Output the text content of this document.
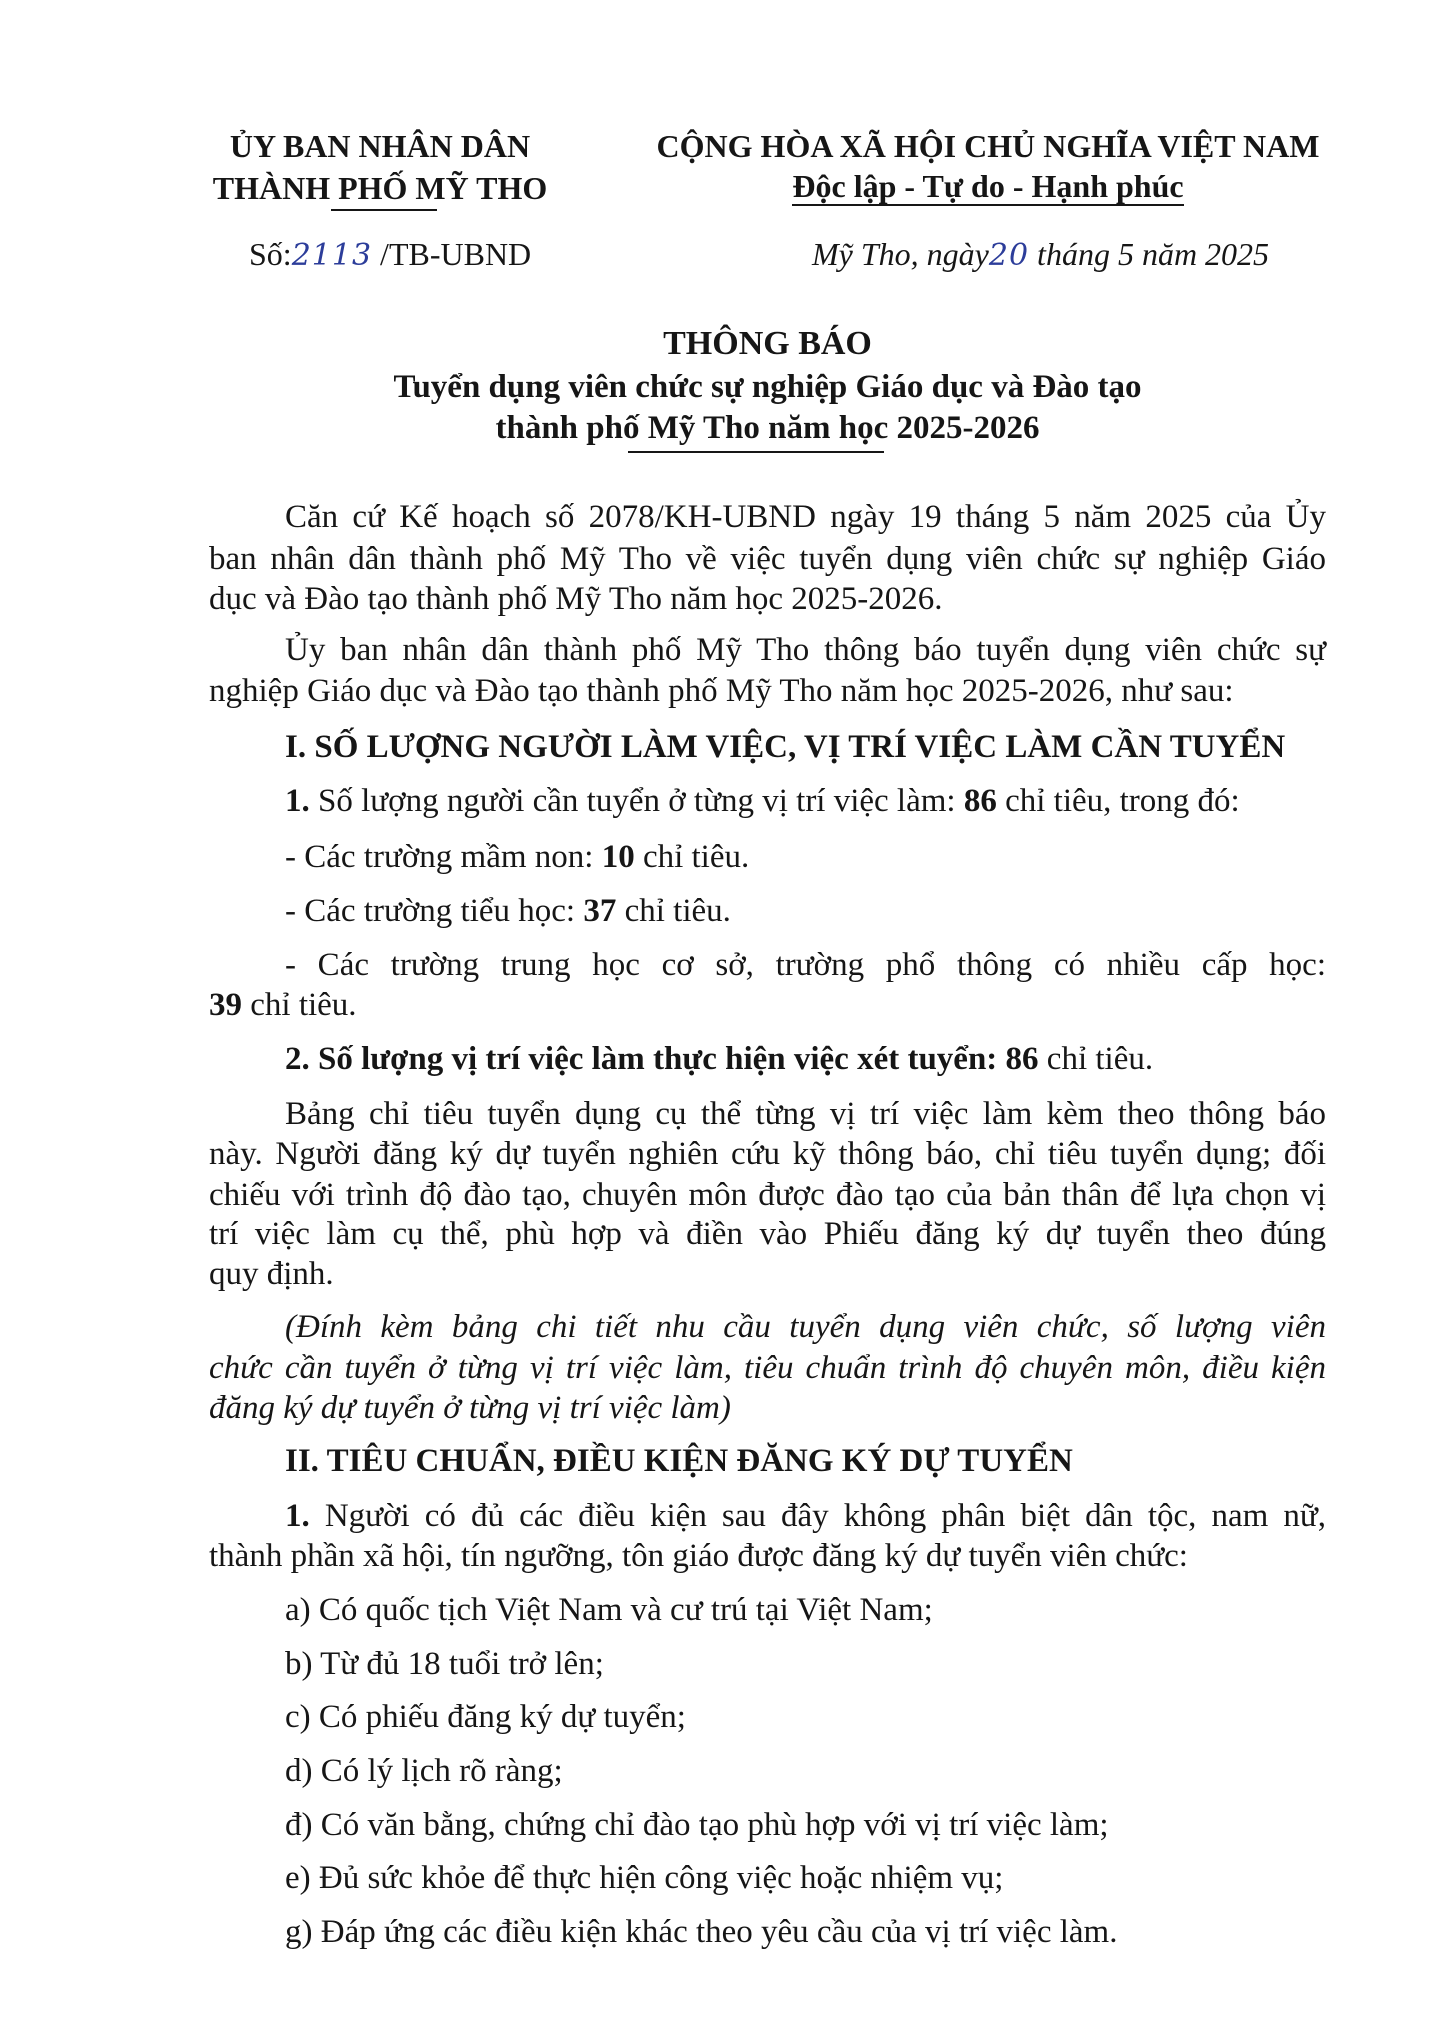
ỦY BAN NHÂN DÂN
THÀNH PHỐ MỸ THO
CỘNG HÒA XÃ HỘI CHỦ NGHĨA VIỆT NAM
Độc lập - Tự do - Hạnh phúc
Số:2113 /TB-UBND	Mỹ Tho, ngày20 tháng 5 năm 2025
THÔNG BÁO
Tuyển dụng viên chức sự nghiệp Giáo dục và Đào tạo
thành phố Mỹ Tho năm học 2025-2026
Căn cứ Kế hoạch số 2078/KH-UBND ngày 19 tháng 5 năm 2025 của Ủy
ban nhân dân thành phố Mỹ Tho về việc tuyển dụng viên chức sự nghiệp Giáo
dục và Đào tạo thành phố Mỹ Tho năm học 2025-2026.
Ủy ban nhân dân thành phố Mỹ Tho thông báo tuyển dụng viên chức sự
nghiệp Giáo dục và Đào tạo thành phố Mỹ Tho năm học 2025-2026, như sau:
I. SỐ LƯỢNG NGƯỜI LÀM VIỆC, VỊ TRÍ VIỆC LÀM CẦN TUYỂN
1. Số lượng người cần tuyển ở từng vị trí việc làm: 86 chỉ tiêu, trong đó:
- Các trường mầm non: 10 chỉ tiêu.
- Các trường tiểu học: 37 chỉ tiêu.
- Các trường trung học cơ sở, trường phổ thông có nhiều cấp học:
39 chỉ tiêu.
2. Số lượng vị trí việc làm thực hiện việc xét tuyển: 86 chỉ tiêu.
Bảng chỉ tiêu tuyển dụng cụ thể từng vị trí việc làm kèm theo thông báo
này. Người đăng ký dự tuyển nghiên cứu kỹ thông báo, chỉ tiêu tuyển dụng; đối
chiếu với trình độ đào tạo, chuyên môn được đào tạo của bản thân để lựa chọn vị
trí việc làm cụ thể, phù hợp và điền vào Phiếu đăng ký dự tuyển theo đúng
quy định.
(Đính kèm bảng chi tiết nhu cầu tuyển dụng viên chức, số lượng viên
chức cần tuyển ở từng vị trí việc làm, tiêu chuẩn trình độ chuyên môn, điều kiện
đăng ký dự tuyển ở từng vị trí việc làm)
II. TIÊU CHUẨN, ĐIỀU KIỆN ĐĂNG KÝ DỰ TUYỂN
1. Người có đủ các điều kiện sau đây không phân biệt dân tộc, nam nữ,
thành phần xã hội, tín ngưỡng, tôn giáo được đăng ký dự tuyển viên chức:
a) Có quốc tịch Việt Nam và cư trú tại Việt Nam;
b) Từ đủ 18 tuổi trở lên;
c) Có phiếu đăng ký dự tuyển;
d) Có lý lịch rõ ràng;
đ) Có văn bằng, chứng chỉ đào tạo phù hợp với vị trí việc làm;
e) Đủ sức khỏe để thực hiện công việc hoặc nhiệm vụ;
g) Đáp ứng các điều kiện khác theo yêu cầu của vị trí việc làm.
